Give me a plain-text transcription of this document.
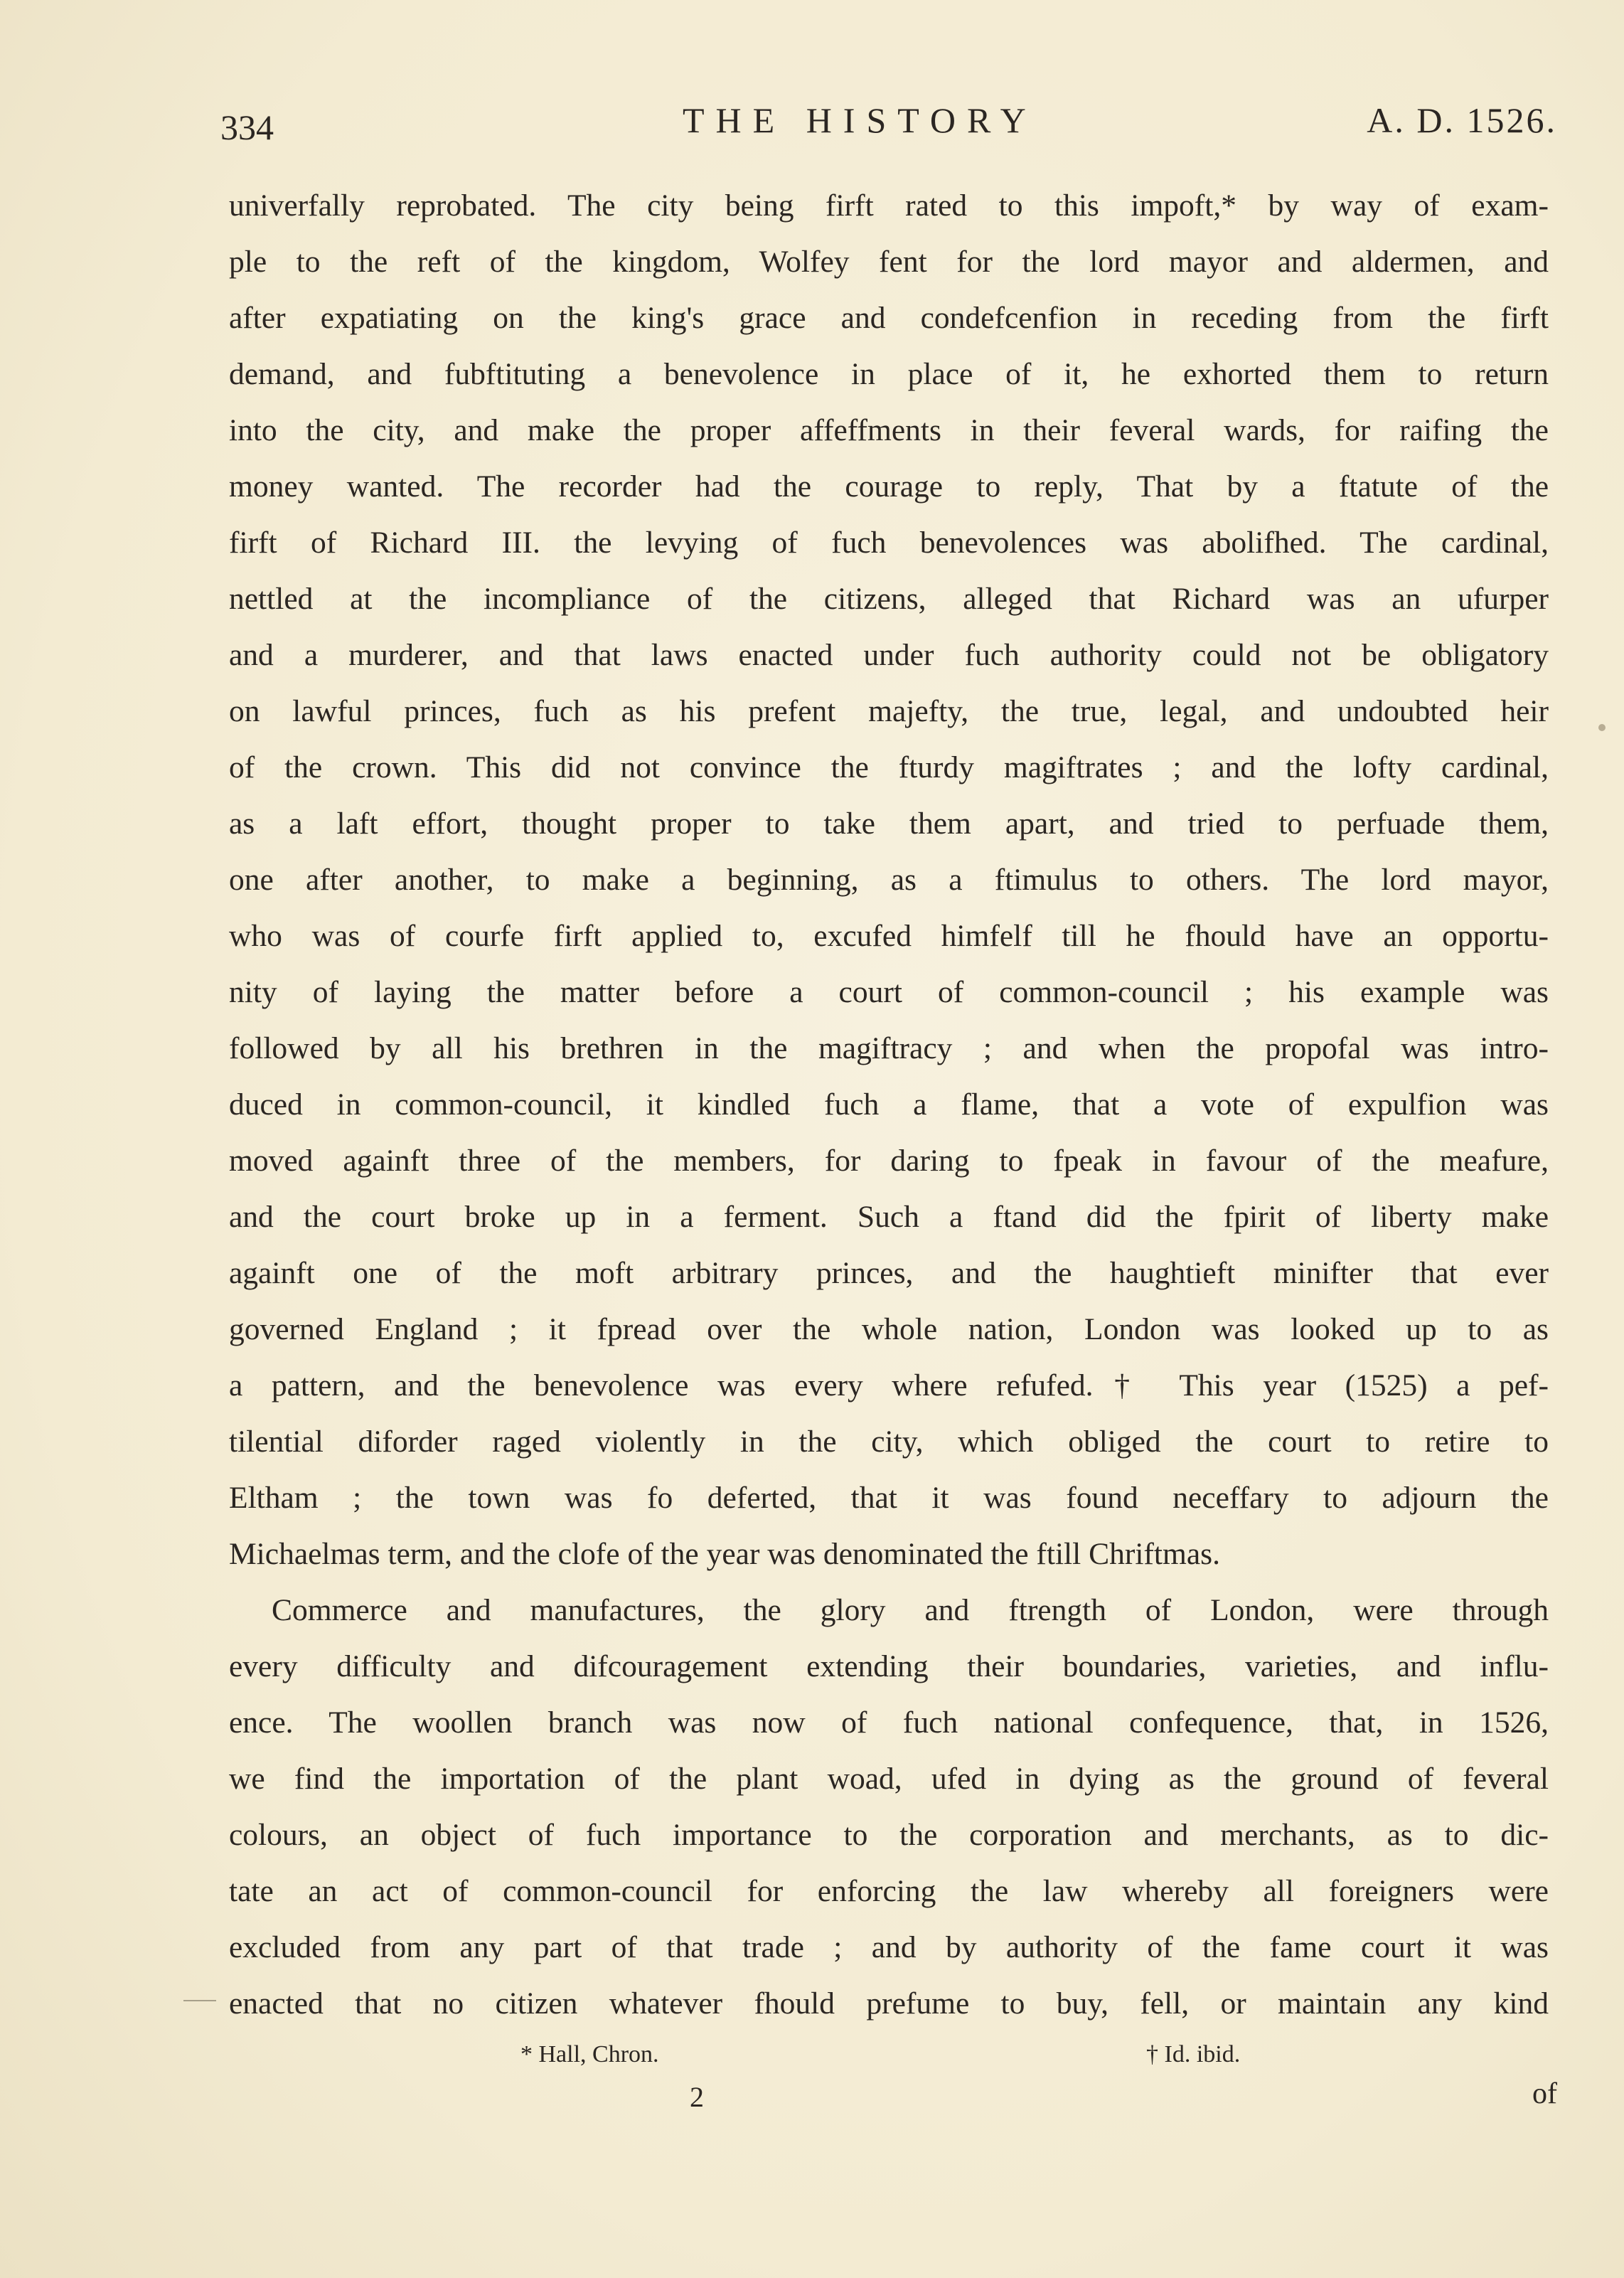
334	THE HISTORY	A. D. 1526.
univerfally reprobated. The city being firft rated to this impoft,* by way of exam-
ple to the reft of the kingdom, Wolfey fent for the lord mayor and aldermen, and
after expatiating on the king's grace and condefcenfion in receding from the firft
demand, and fubftituting a benevolence in place of it, he exhorted them to return
into the city, and make the proper affeffments in their feveral wards, for raifing the
money wanted. The recorder had the courage to reply, That by a ftatute of the
firft of Richard III. the levying of fuch benevolences was abolifhed. The cardinal,
nettled at the incompliance of the citizens, alleged that Richard was an ufurper
and a murderer, and that laws enacted under fuch authority could not be obligatory
on lawful princes, fuch as his prefent majefty, the true, legal, and undoubted heir
of the crown. This did not convince the fturdy magiftrates ; and the lofty cardinal,
as a laft effort, thought proper to take them apart, and tried to perfuade them,
one after another, to make a beginning, as a ftimulus to others. The lord mayor,
who was of courfe firft applied to, excufed himfelf till he fhould have an opportu-
nity of laying the matter before a court of common-council ; his example was
followed by all his brethren in the magiftracy ; and when the propofal was intro-
duced in common-council, it kindled fuch a flame, that a vote of expulfion was
moved againft three of the members, for daring to fpeak in favour of the meafure,
and the court broke up in a ferment. Such a ftand did the fpirit of liberty make
againft one of the moft arbitrary princes, and the haughtieft minifter that ever
governed England ; it fpread over the whole nation, London was looked up to as
a pattern, and the benevolence was every where refufed.† This year (1525) a pef-
tilential diforder raged violently in the city, which obliged the court to retire to
Eltham ; the town was fo deferted, that it was found neceffary to adjourn the
Michaelmas term, and the clofe of the year was denominated the ftill Chriftmas.
Commerce and manufactures, the glory and ftrength of London, were through
every difficulty and difcouragement extending their boundaries, varieties, and influ-
ence. The woollen branch was now of fuch national confequence, that, in 1526,
we find the importation of the plant woad, ufed in dying as the ground of feveral
colours, an object of fuch importance to the corporation and merchants, as to dic-
tate an act of common-council for enforcing the law whereby all foreigners were
excluded from any part of that trade ; and by authority of the fame court it was
enacted that no citizen whatever fhould prefume to buy, fell, or maintain any kind
* Hall, Chron.	† Id. ibid.
2	of
